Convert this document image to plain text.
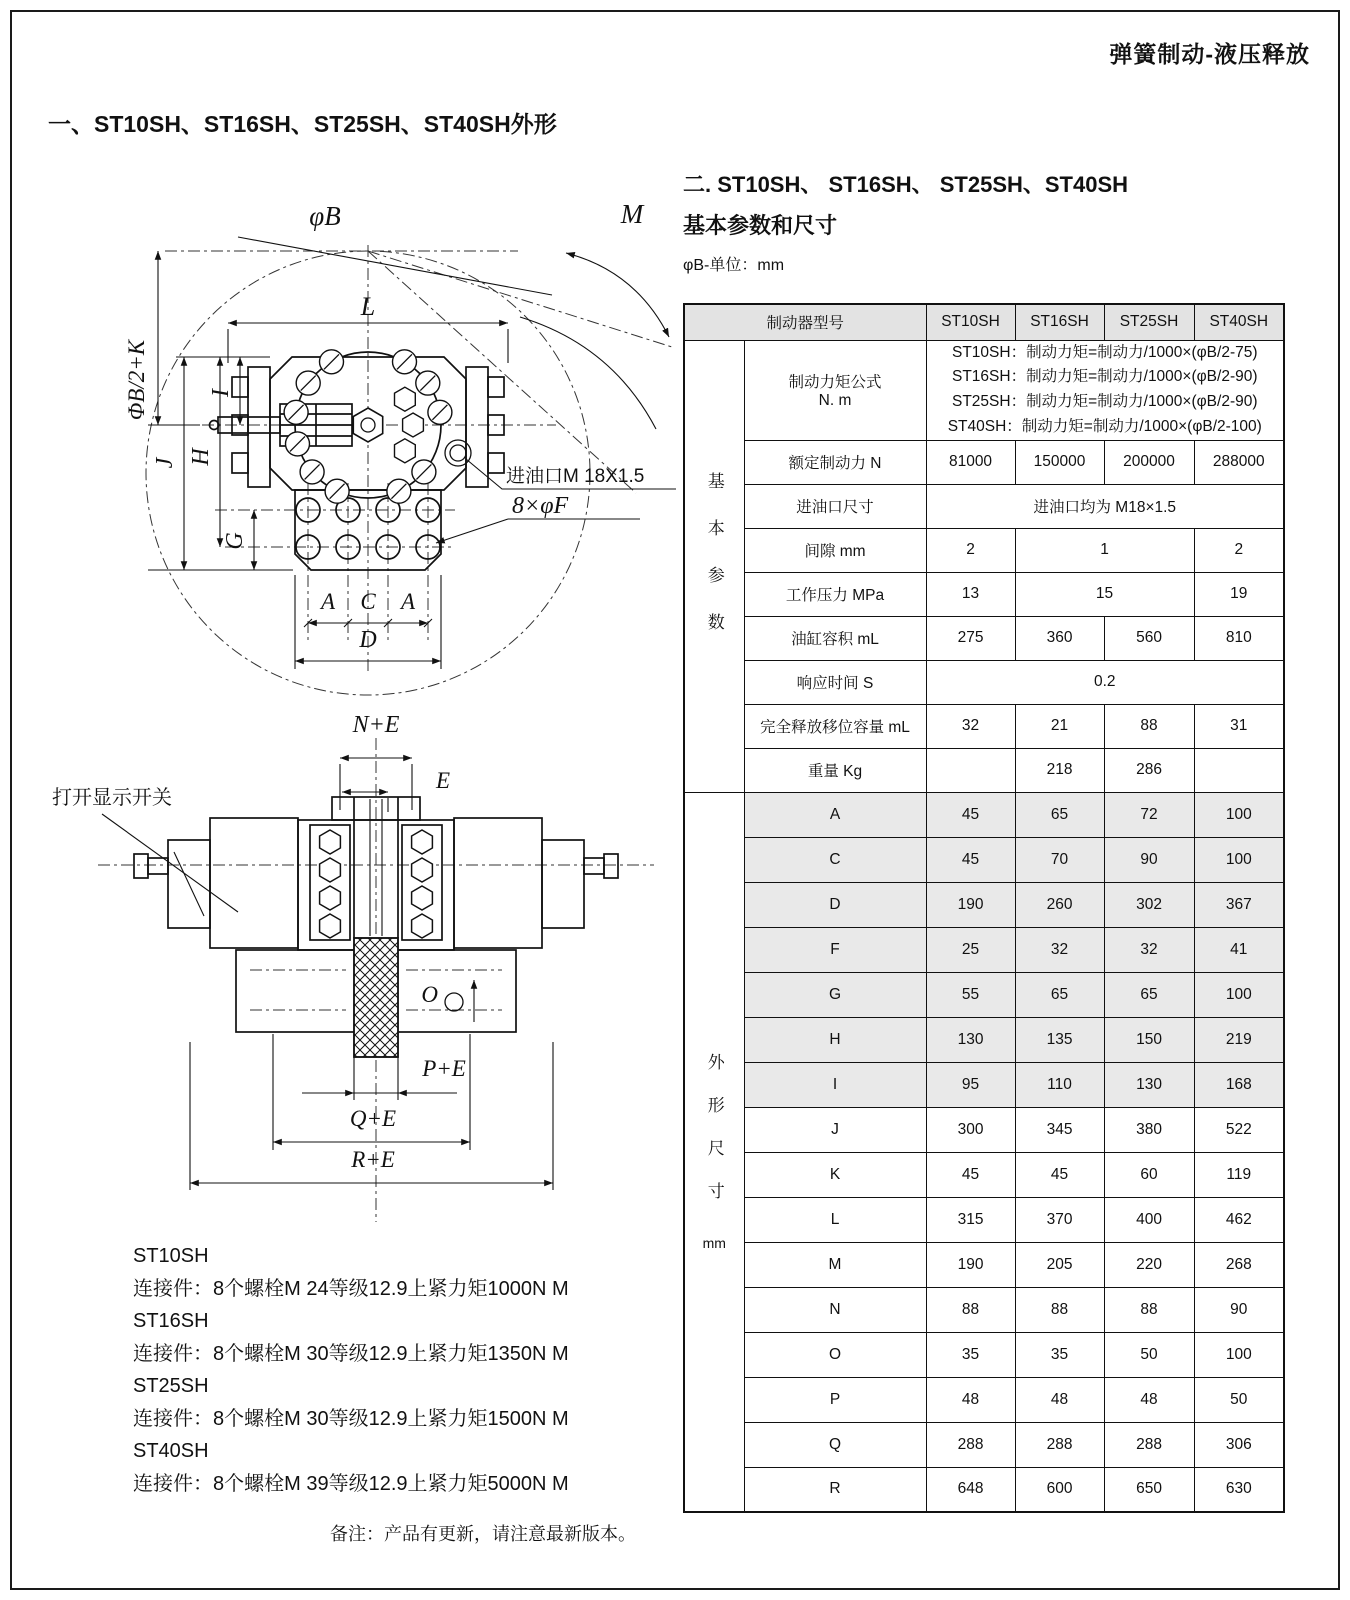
弹簧制动-液压释放
一、ST10SH、ST16SH、ST25SH、ST40SH外形
二. ST10SH、 ST16SH、 ST25SH、ST40SH
基本参数和尺寸
φB-单位：mm
φB	M
L
ΦB/2+K
J H
I
G
A C A
D
8×φF
进油口M 18X1.5
N+E
E
打开显示开关
O
P+E
Q+E
R+E
ST10SH
连接件：8个螺栓M 24等级12.9上紧力矩1000N M
ST16SH
连接件：8个螺栓M 30等级12.9上紧力矩1350N M
ST25SH
连接件：8个螺栓M 30等级12.9上紧力矩1500N M
ST40SH
连接件：8个螺栓M 39等级12.9上紧力矩5000N M
备注：产品有更新，请注意最新版本。
制动器型号		ST10SH	ST16SH	ST25SH	ST40SH

基本参数

制动力矩公式
N. m

ST10SH：制动力矩=制动力/1000×(φB/2-75)
ST16SH：制动力矩=制动力/1000×(φB/2-90)
ST25SH：制动力矩=制动力/1000×(φB/2-90)
ST40SH：制动力矩=制动力/1000×(φB/2-100)

	额定制动力 N	81000	150000	200000	288000
	进油口尺寸	进油口均为 M18×1.5			
	间隙 mm	2	1		2
	工作压力 MPa	13	15		19
	油缸容积 mL	275	360	560	810
	响应时间 S	0.2			
	完全释放移位容量 mL	32	21	88	31
	重量 Kg		218	286	

外形尺寸
mm	A	45	65	72	100
	C	45	70	90	100
	D	190	260	302	367
	F	25	32	32	41
	G	55	65	65	100
	H	130	135	150	219
	I	95	110	130	168
	J	300	345	380	522
	K	45	45	60	119
	L	315	370	400	462
	M	190	205	220	268
	N	88	88	88	90
	O	35	35	50	100
	P	48	48	48	50
	Q	288	288	288	306
	R	648	600	650	630
